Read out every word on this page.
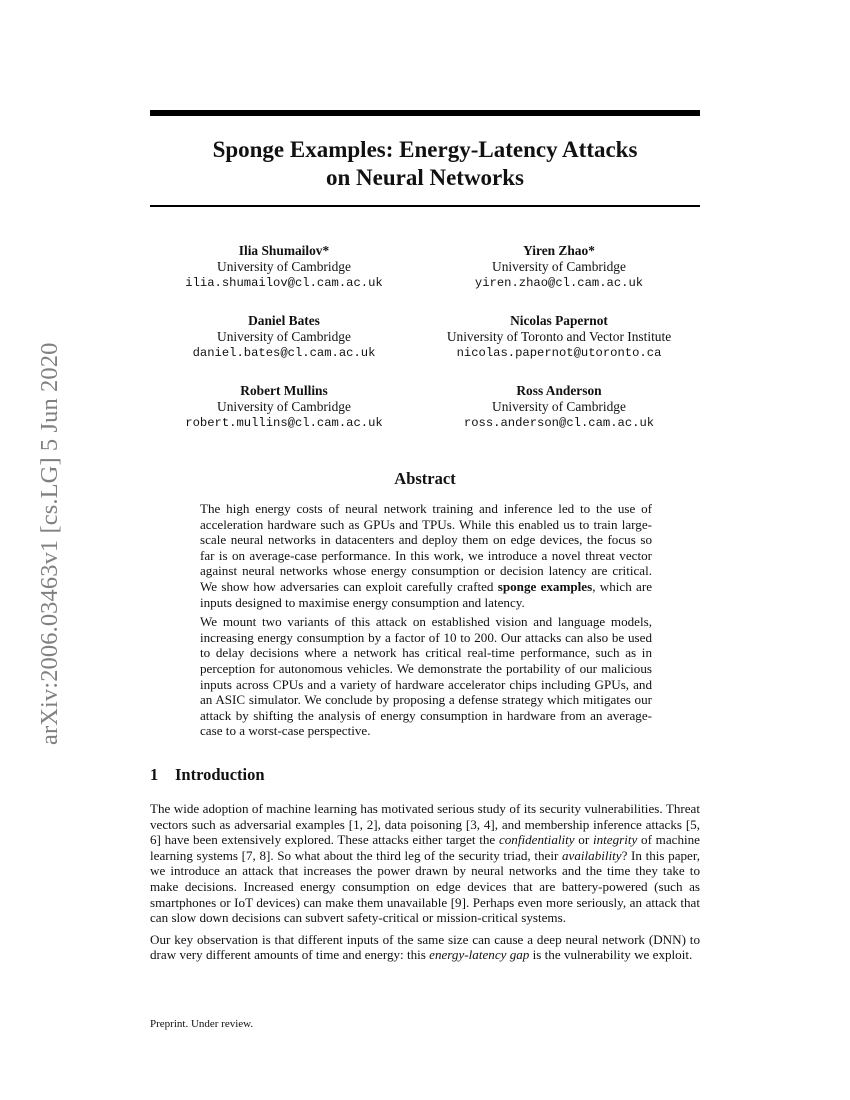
arXiv:2006.03463v1 [cs.LG] 5 Jun 2020
Sponge Examples: Energy-Latency Attacks
on Neural Networks
Ilia Shumailov*
University of Cambridge
ilia.shumailov@cl.cam.ac.uk
Yiren Zhao*
University of Cambridge
yiren.zhao@cl.cam.ac.uk
Daniel Bates
University of Cambridge
daniel.bates@cl.cam.ac.uk
Nicolas Papernot
University of Toronto and Vector Institute
nicolas.papernot@utoronto.ca
Robert Mullins
University of Cambridge
robert.mullins@cl.cam.ac.uk
Ross Anderson
University of Cambridge
ross.anderson@cl.cam.ac.uk
Abstract

The high energy costs of neural network training and inference led to the use of acceleration hardware such as GPUs and TPUs. While this enabled us to train large-scale neural networks in datacenters and deploy them on edge devices, the focus so far is on average-case performance. In this work, we introduce a novel threat vector against neural networks whose energy consumption or decision latency are critical. We show how adversaries can exploit carefully crafted sponge examples, which are inputs designed to maximise energy consumption and latency.

We mount two variants of this attack on established vision and language models, increasing energy consumption by a factor of 10 to 200. Our attacks can also be used to delay decisions where a network has critical real-time performance, such as in perception for autonomous vehicles. We demonstrate the portability of our malicious inputs across CPUs and a variety of hardware accelerator chips including GPUs, and an ASIC simulator. We conclude by proposing a defense strategy which mitigates our attack by shifting the analysis of energy consumption in hardware from an average-case to a worst-case perspective.

1 Introduction

The wide adoption of machine learning has motivated serious study of its security vulnerabilities. Threat vectors such as adversarial examples [1, 2], data poisoning [3, 4], and membership inference attacks [5, 6] have been extensively explored. These attacks either target the confidentiality or integrity of machine learning systems [7, 8]. So what about the third leg of the security triad, their availability? In this paper, we introduce an attack that increases the power drawn by neural networks and the time they take to make decisions. Increased energy consumption on edge devices that are battery-powered (such as smartphones or IoT devices) can make them unavailable [9]. Perhaps even more seriously, an attack that can slow down decisions can subvert safety-critical or mission-critical systems.

Our key observation is that different inputs of the same size can cause a deep neural network (DNN) to draw very different amounts of time and energy: this energy-latency gap is the vulnerability we exploit.

Preprint. Under review.
